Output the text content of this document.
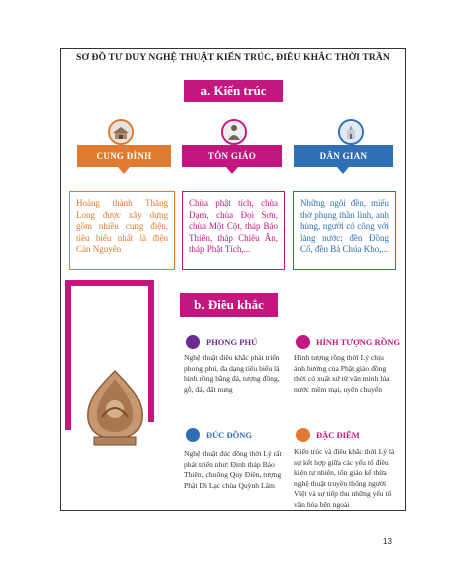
SƠ ĐỒ TƯ DUY NGHỆ THUẬT KIẾN TRÚC, ĐIÊU KHẮC THỜI TRẦN
a. Kiến trúc
CUNG ĐÌNH	TÔN GIÁO	DÂN GIAN
Hoàng thành Thăng Long được xây dựng gồm nhiều cung điện, tiêu biểu nhất là điện Càn Nguyên
Chùa phật tích, chùa Dạm, chùa Đọi Sơn, chùa Một Cột, tháp Báo Thiên, tháp Chiêu Ân, tháp Phật Tích,...
Những ngôi đền, miếu thờ phụng thần linh, anh hùng, người có công với làng nước: đền Đồng Cổ, đền Bà Chúa Kho,...
b. Điêu khắc
PHONG PHÚ
Nghệ thuật điêu khắc phát triển phong phú, đa dạng tiêu biểu là hình rồng bằng đá, tượng đồng, gỗ, đá, đất nung
HÌNH TƯỢNG RỒNG
Hình tượng rồng thời Lý chịu ảnh hưởng của Phật giáo đồng thời có xuất xứ từ văn minh lúa nước mềm mại, uyển chuyển
ĐÚC ĐỒNG
Nghệ thuật đúc đồng thời Lý rất phát triển như: Đỉnh tháp Báo Thiên, chuông Quy Điền, tượng Phật Di Lạc chùa Quỳnh Lâm
ĐẶC ĐIỂM
Kiến trúc và điêu khắc thời Lý là sự kết hợp giữa các yếu tố điều kiện tự nhiên, tôn giáo kế thừa nghệ thuật truyền thống người Việt và sự tiếp thu những yếu tố văn hóa bên ngoài
13
